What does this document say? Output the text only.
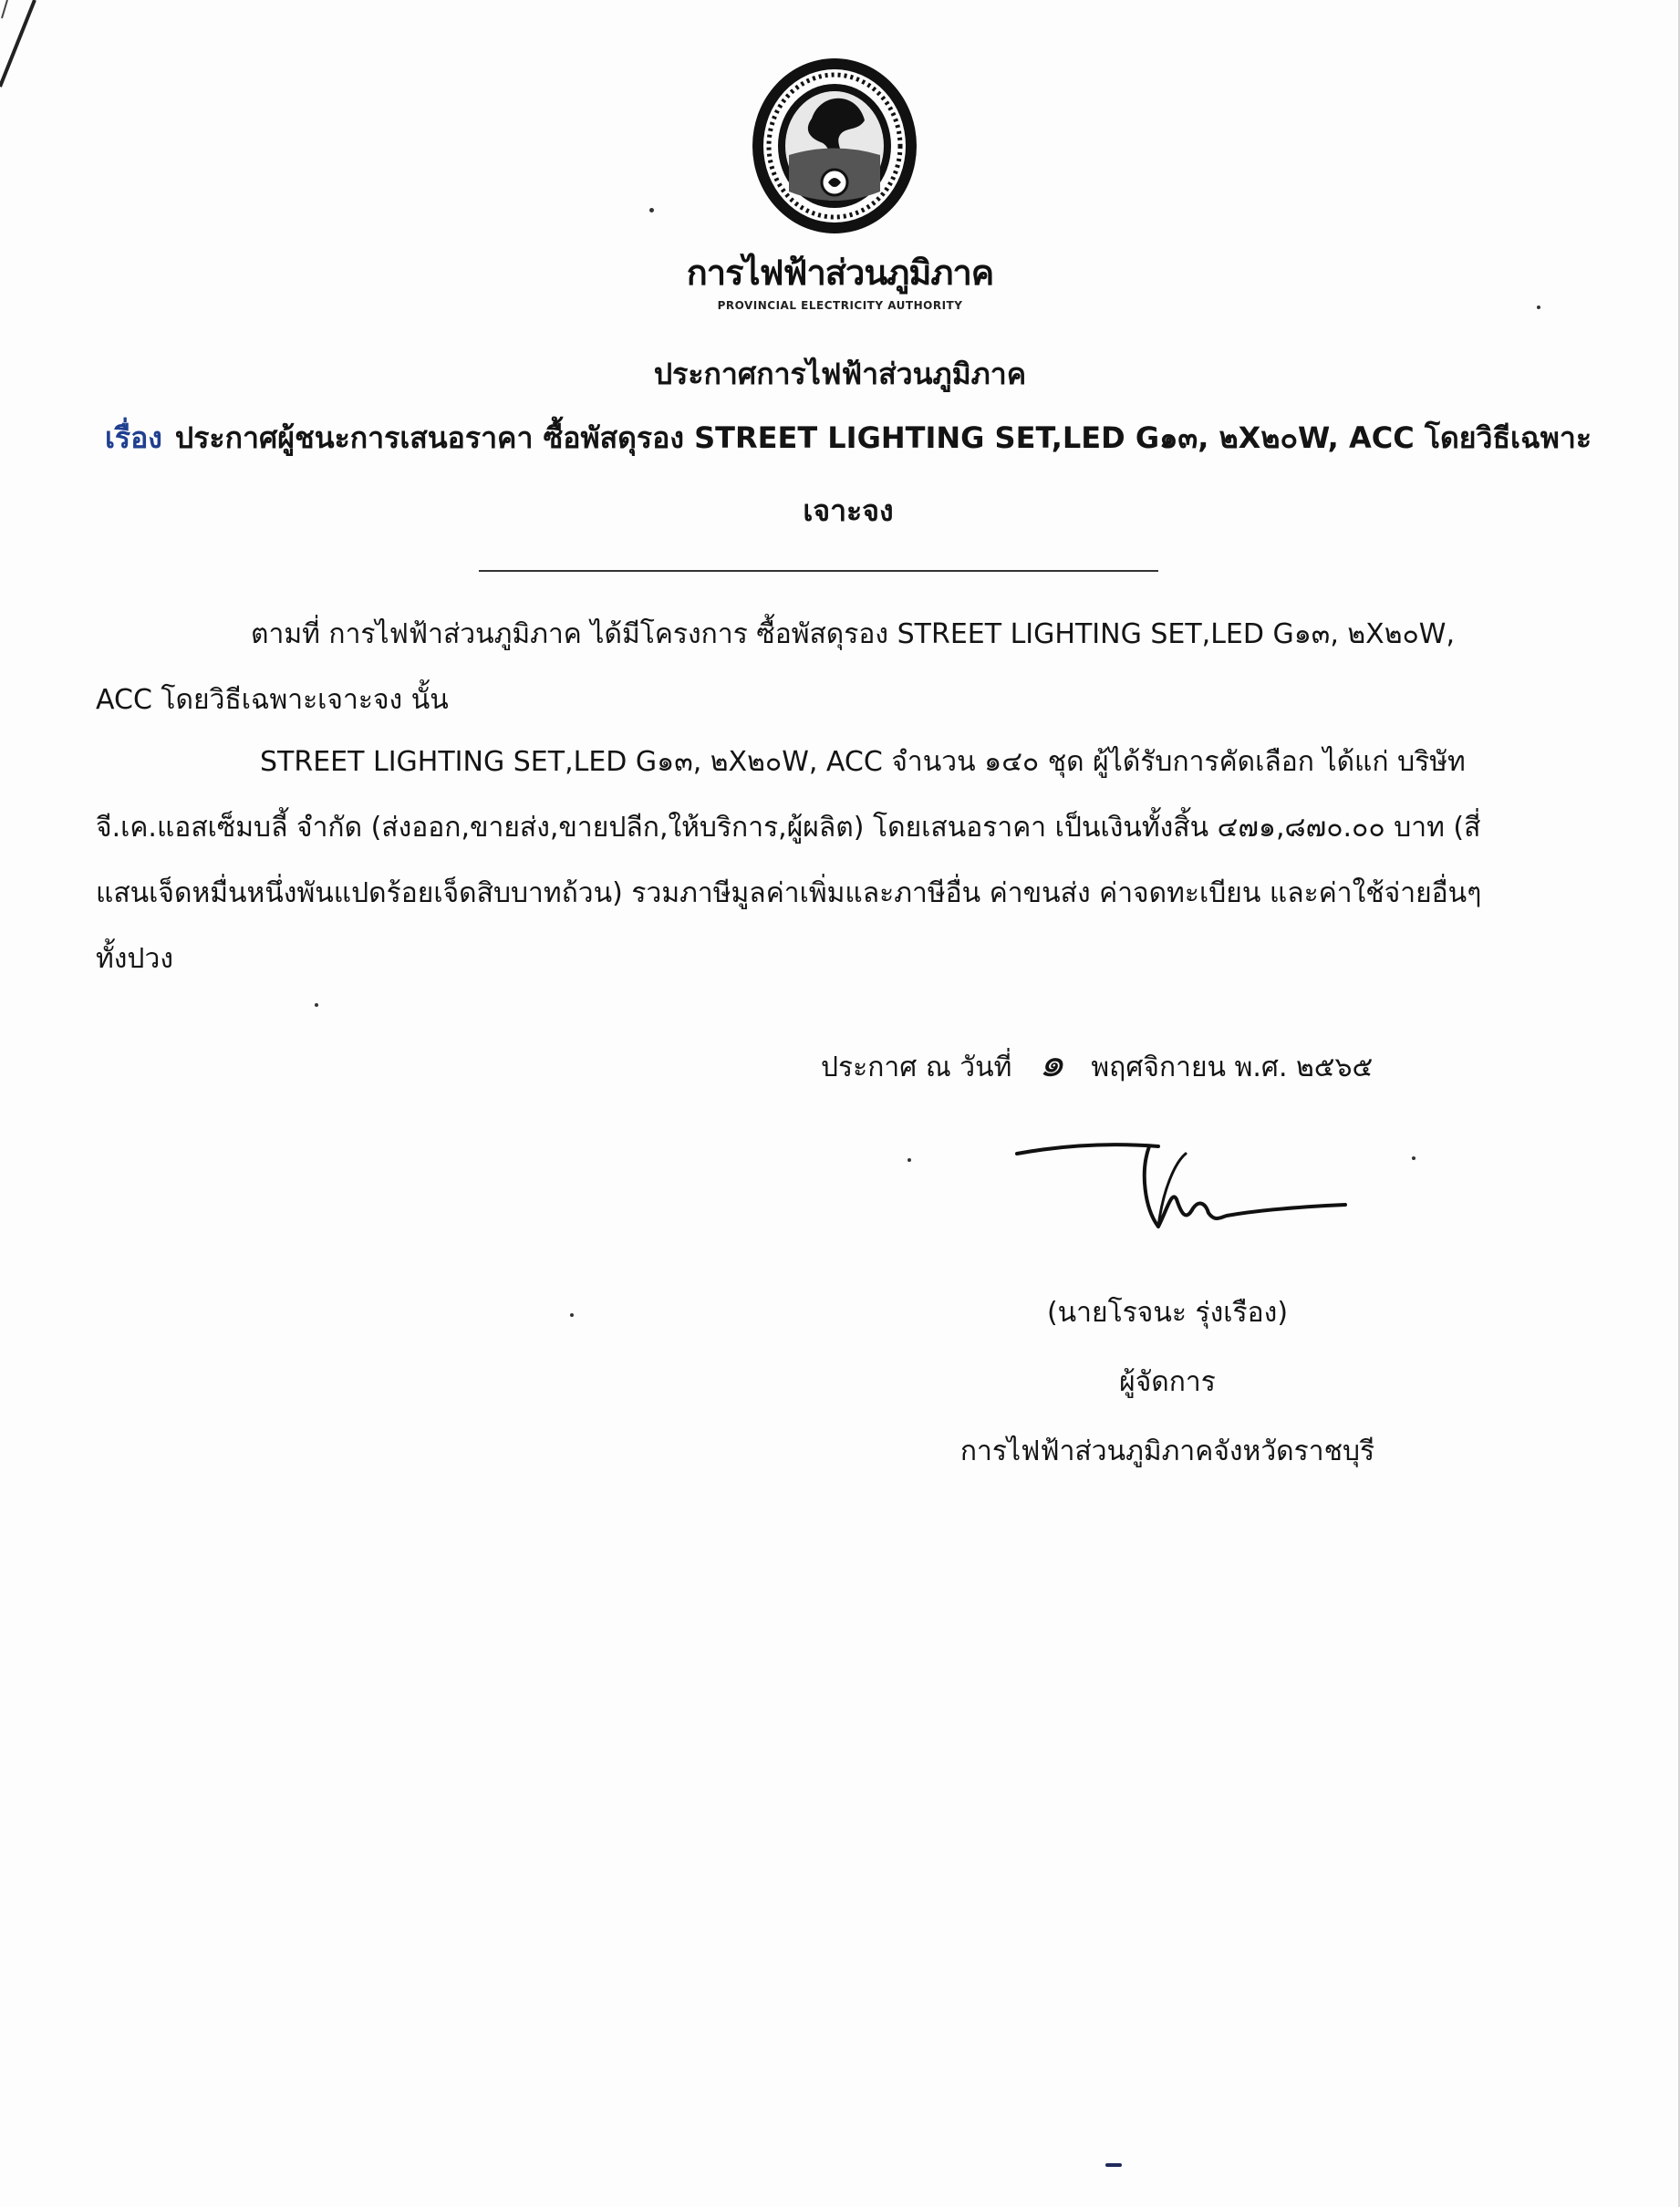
การไฟฟ้าส่วนภูมิภาค
PROVINCIAL ELECTRICITY AUTHORITY
ประกาศการไฟฟ้าส่วนภูมิภาค
เรื่อง ประกาศผู้ชนะการเสนอราคา ซื้อพัสดุรอง STREET LIGHTING SET,LED G๑๓, ๒X๒๐W, ACC โดยวิธีเฉพาะเจาะจง
ตามที่ การไฟฟ้าส่วนภูมิภาค ได้มีโครงการ ซื้อพัสดุรอง STREET LIGHTING SET,LED G๑๓, ๒X๒๐W, ACC โดยวิธีเฉพาะเจาะจง นั้น
STREET LIGHTING SET,LED G๑๓, ๒X๒๐W, ACC จำนวน ๑๔๐ ชุด ผู้ได้รับการคัดเลือก ได้แก่ บริษัท จี.เค.แอสเซ็มบลี้ จำกัด (ส่งออก,ขายส่ง,ขายปลีก,ให้บริการ,ผู้ผลิต) โดยเสนอราคา เป็นเงินทั้งสิ้น ๔๗๑,๘๗๐.๐๐ บาท (สี่แสนเจ็ดหมื่นหนึ่งพันแปดร้อยเจ็ดสิบบาทถ้วน) รวมภาษีมูลค่าเพิ่มและภาษีอื่น ค่าขนส่ง ค่าจดทะเบียน และค่าใช้จ่ายอื่นๆ ทั้งปวง
ประกาศ ณ วันที่ ๑ พฤศจิกายน พ.ศ. ๒๕๖๕
(นายโรจนะ รุ่งเรือง)
ผู้จัดการ
การไฟฟ้าส่วนภูมิภาคจังหวัดราชบุรี
